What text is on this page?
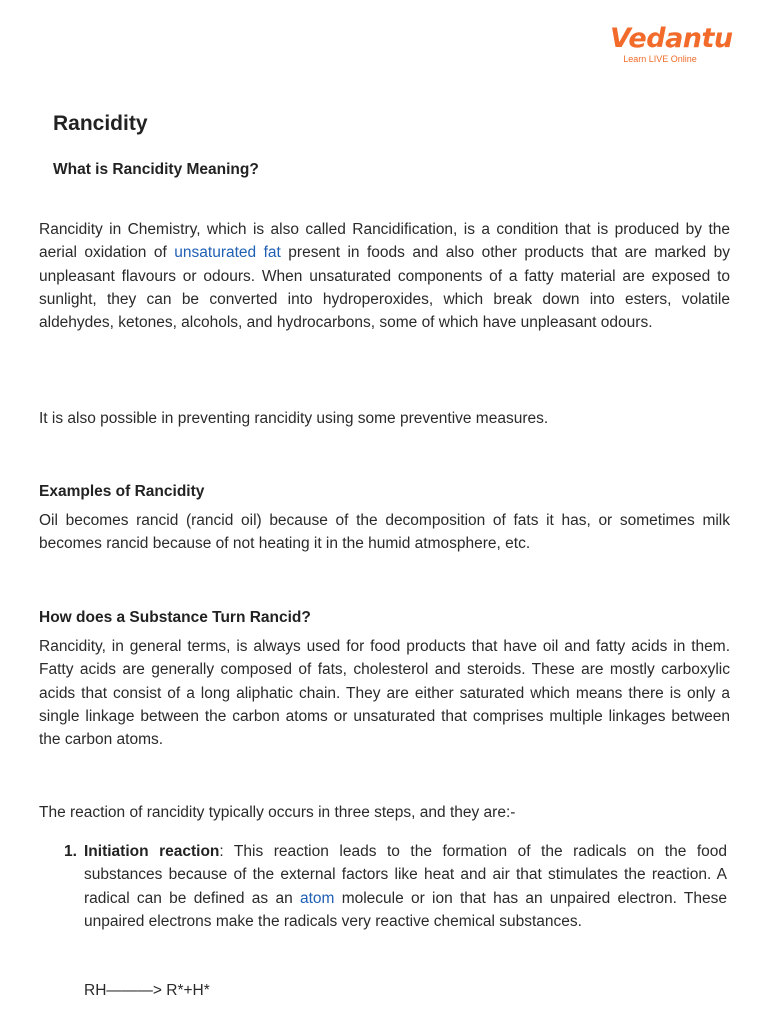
Vedantu
Learn LIVE Online
Rancidity
What is Rancidity Meaning?

Rancidity in Chemistry, which is also called Rancidification, is a condition that is produced by the aerial oxidation of unsaturated fat present in foods and also other products that are marked by unpleasant flavours or odours. When unsaturated components of a fatty material are exposed to sunlight, they can be converted into hydroperoxides, which break down into esters, volatile aldehydes, ketones, alcohols, and hydrocarbons, some of which have unpleasant odours.

It is also possible in preventing rancidity using some preventive measures.

Examples of Rancidity

Oil becomes rancid (rancid oil) because of the decomposition of fats it has, or sometimes milk becomes rancid because of not heating it in the humid atmosphere, etc.

How does a Substance Turn Rancid?

Rancidity, in general terms, is always used for food products that have oil and fatty acids in them. Fatty acids are generally composed of fats, cholesterol and steroids. These are mostly carboxylic acids that consist of a long aliphatic chain. They are either saturated which means there is only a single linkage between the carbon atoms or unsaturated that comprises multiple linkages between the carbon atoms.

The reaction of rancidity typically occurs in three steps, and they are:-

1. Initiation reaction: This reaction leads to the formation of the radicals on the food substances because of the external factors like heat and air that stimulates the reaction. A radical can be defined as an atom molecule or ion that has an unpaired electron. These unpaired electrons make the radicals very reactive chemical substances.

RH———> R*+H*
